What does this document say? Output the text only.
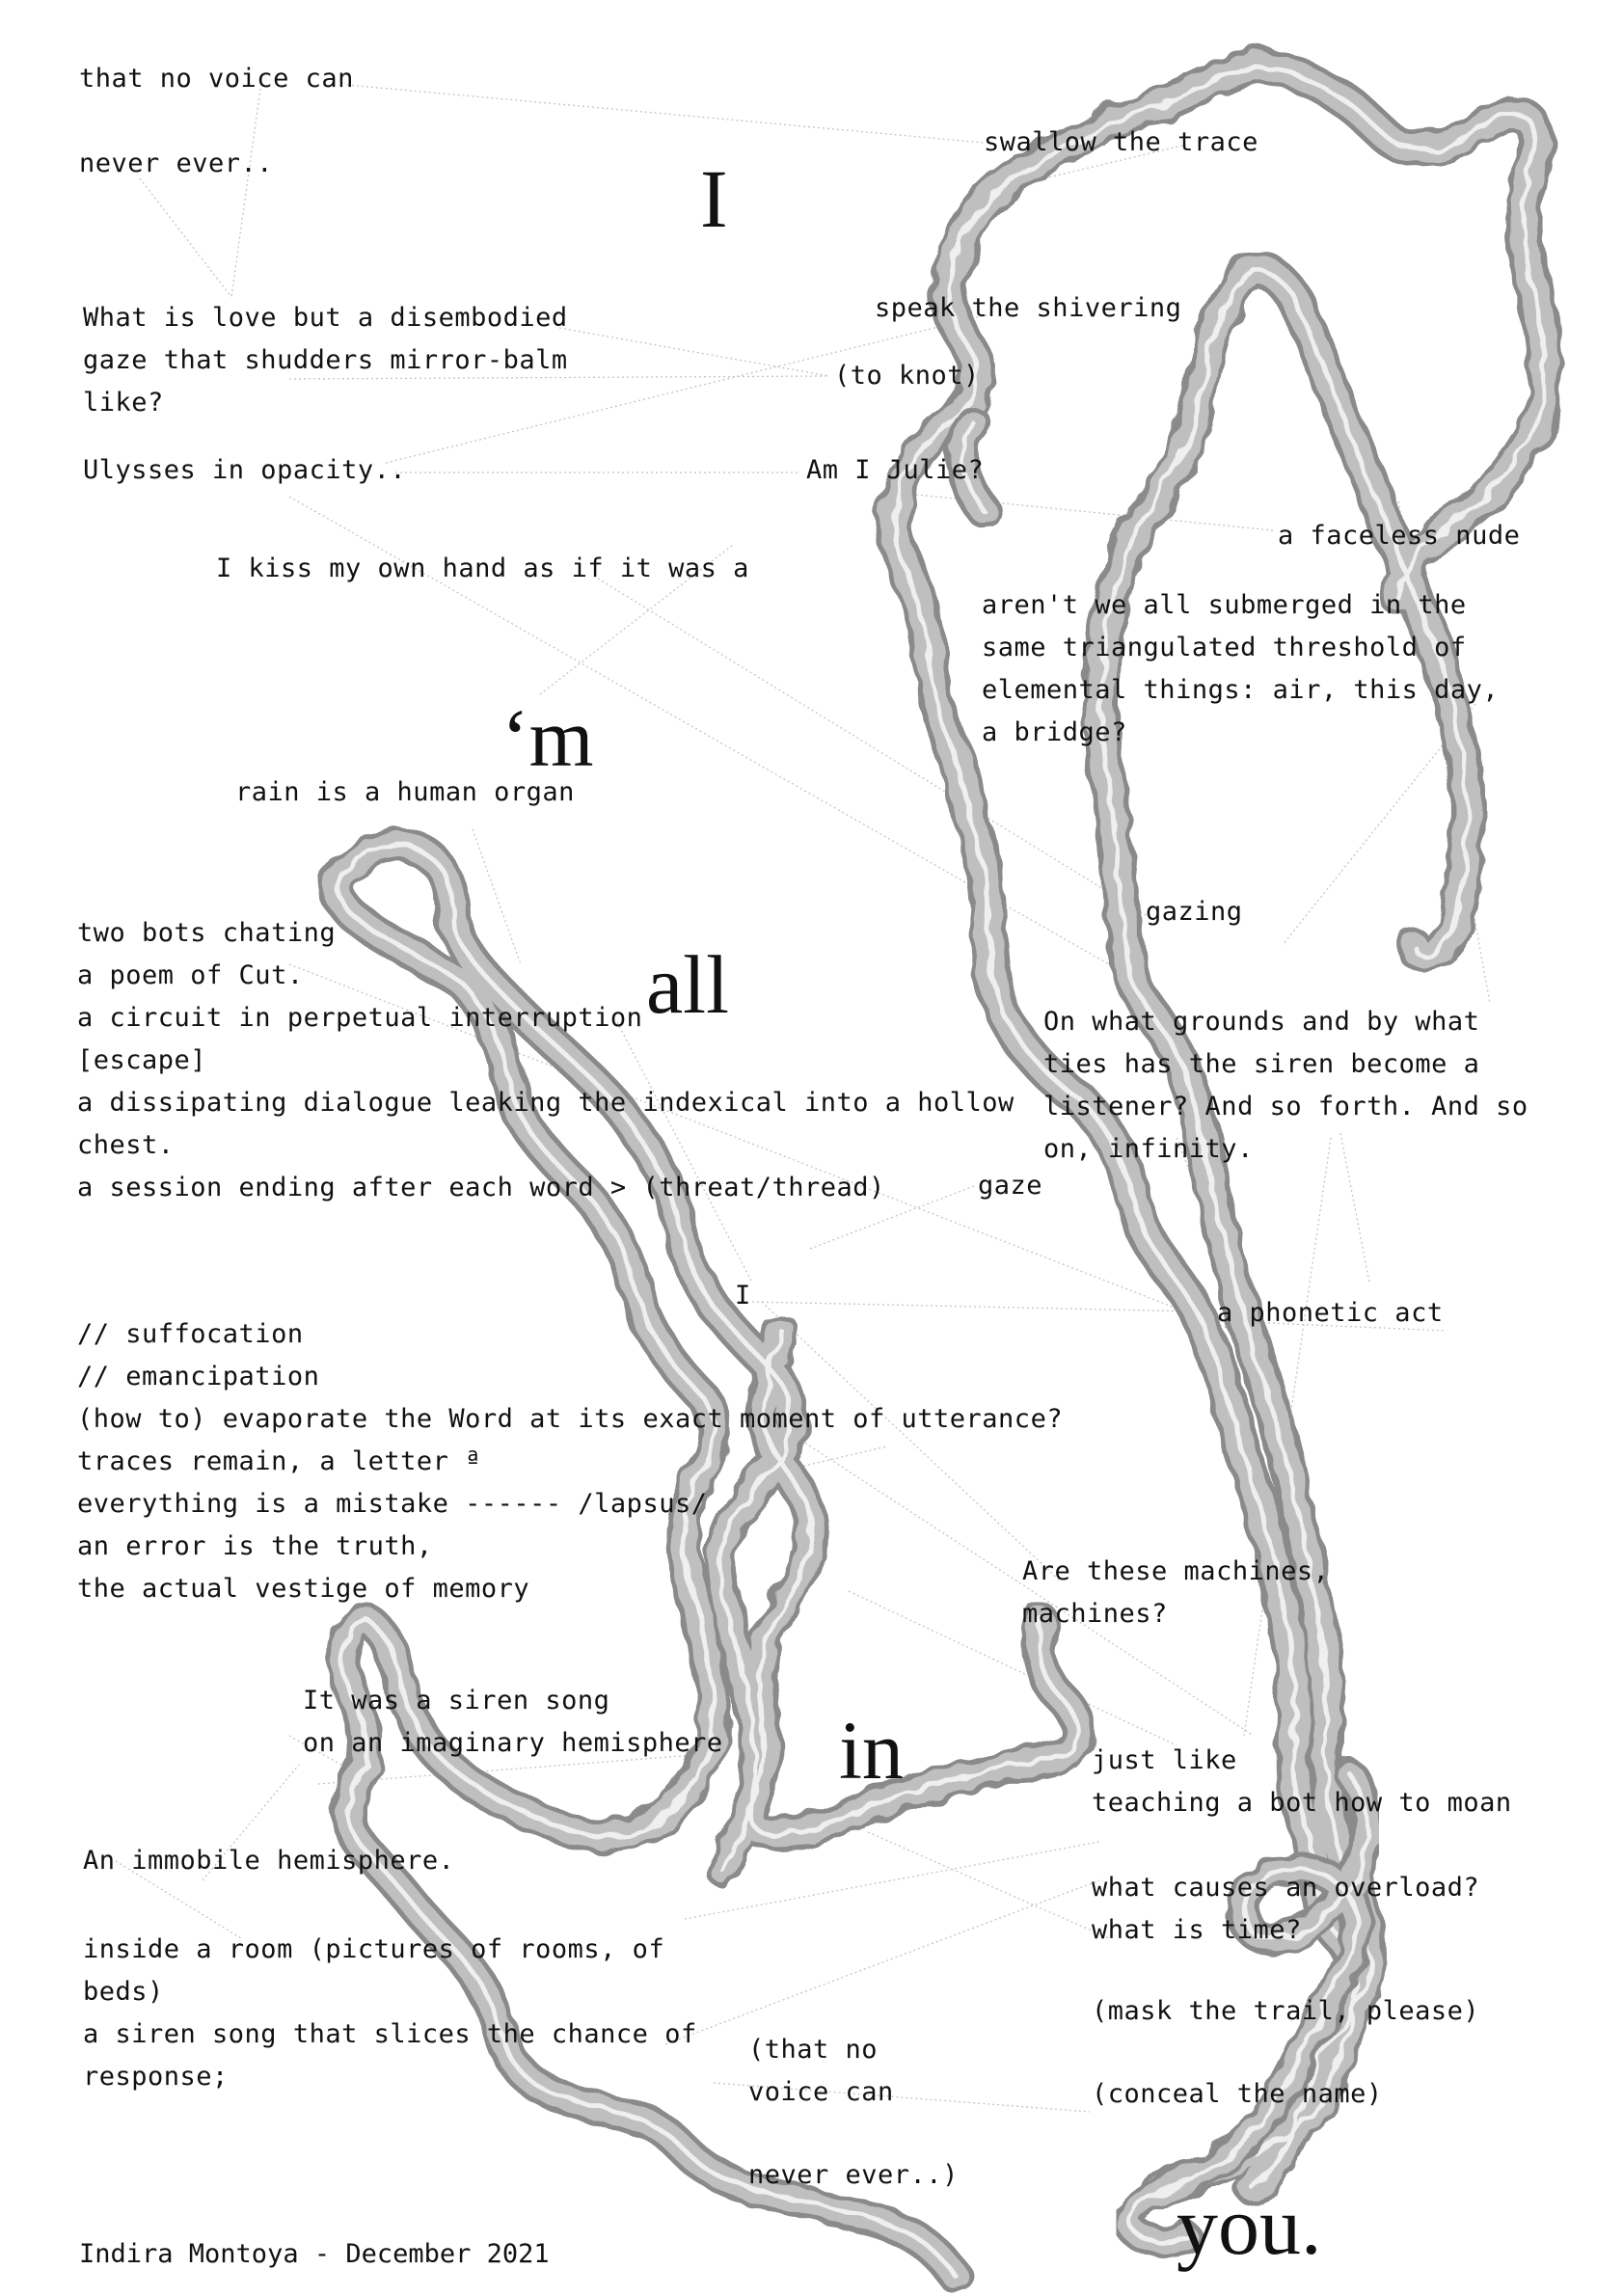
I
‘m
all
in
you.
that no voice can
never ever..
swallow the trace
What is love but a disembodied
gaze that shudders mirror-balm
like?
speak the shivering
(to knot)
Ulysses in opacity..	Am I Julie?
a faceless nude
I kiss my own hand as if it was a
aren't we all submerged in the
same triangulated threshold of
elemental things: air, this day,
a bridge?
rain is a human organ
gazing
two bots chating
a poem of Cut.
a circuit in perpetual interruption
[escape]
a dissipating dialogue leaking the indexical into a hollow
chest.
a session ending after each word > (threat/thread)
On what grounds and by what
ties has the siren become a
listener? And so forth. And so
on, infinity.
gaze
I
a phonetic act
// suffocation
// emancipation
(how to) evaporate the Word at its exact moment of utterance?
traces remain, a letter ª
everything is a mistake ------ /lapsus/
an error is the truth,
the actual vestige of memory
Are these machines,
machines?
It was a siren song
on an imaginary hemisphere
just like
teaching a bot how to moan
An immobile hemisphere.
what causes an overload?
what is time?
inside a room (pictures of rooms, of
beds)
a siren song that slices the chance of
response;
(mask the trail, please)
(that no
voice can	(conceal the name)
never ever..)
Indira Montoya - December 2021
